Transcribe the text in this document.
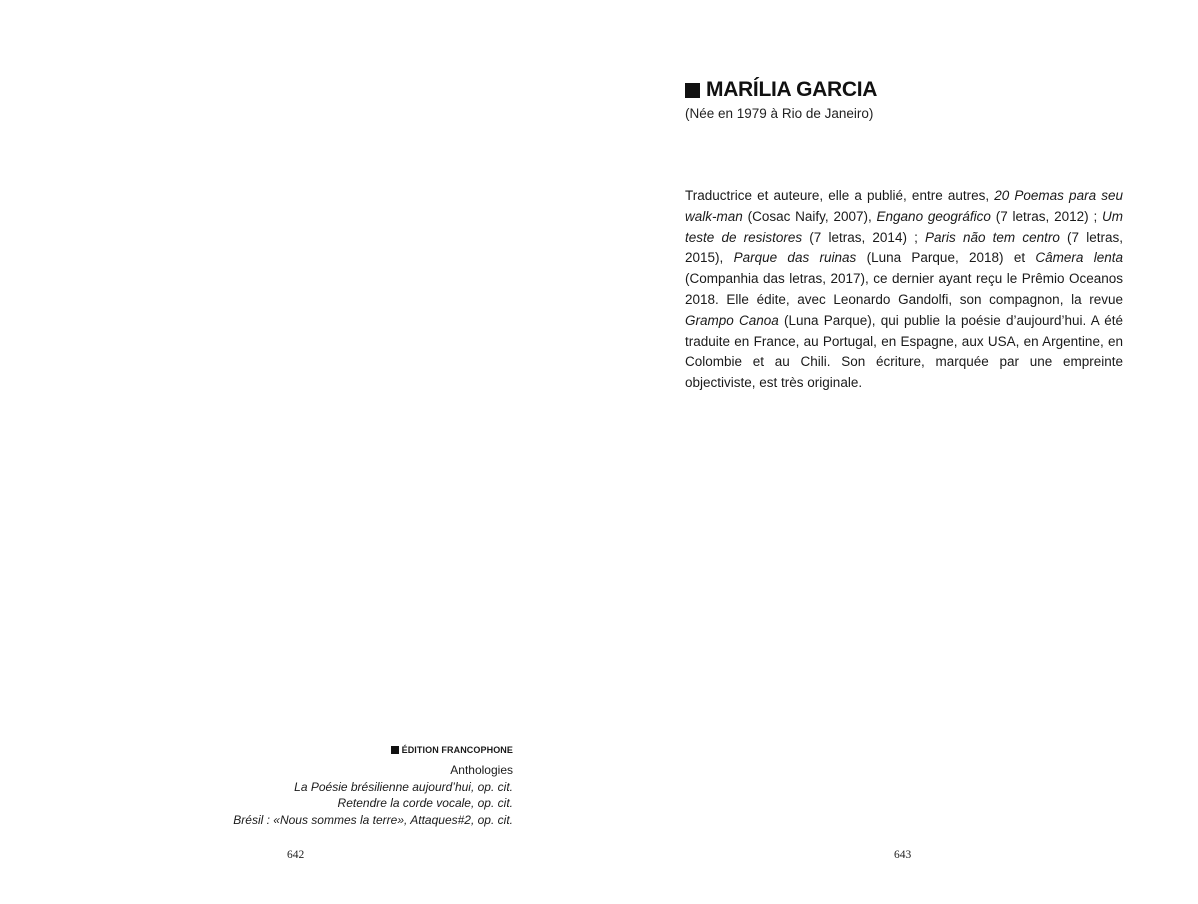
ÉDITION FRANCOPHONE
Anthologies
La Poésie brésilienne aujourd’hui, op. cit.
Retendre la corde vocale, op. cit.
Brésil : «Nous sommes la terre», Attaques#2, op. cit.
642
MARÍLIA GARCIA
(Née en 1979 à Rio de Janeiro)
Traductrice et auteure, elle a publié, entre autres, 20 Poemas para seu walk-man (Cosac Naify, 2007), Engano geográfico (7 letras, 2012) ; Um teste de resistores (7 letras, 2014) ; Paris não tem centro (7 letras, 2015), Parque das ruinas (Luna Parque, 2018) et Câmera lenta (Companhia das letras, 2017), ce dernier ayant reçu le Prêmio Oceanos 2018. Elle édite, avec Leonardo Gandolfi, son compagnon, la revue Grampo Canoa (Luna Parque), qui publie la poésie d’aujourd’hui. A été traduite en France, au Portugal, en Espagne, aux USA, en Argentine, en Colombie et au Chili. Son écriture, marquée par une empreinte objectiviste, est très originale.
643
